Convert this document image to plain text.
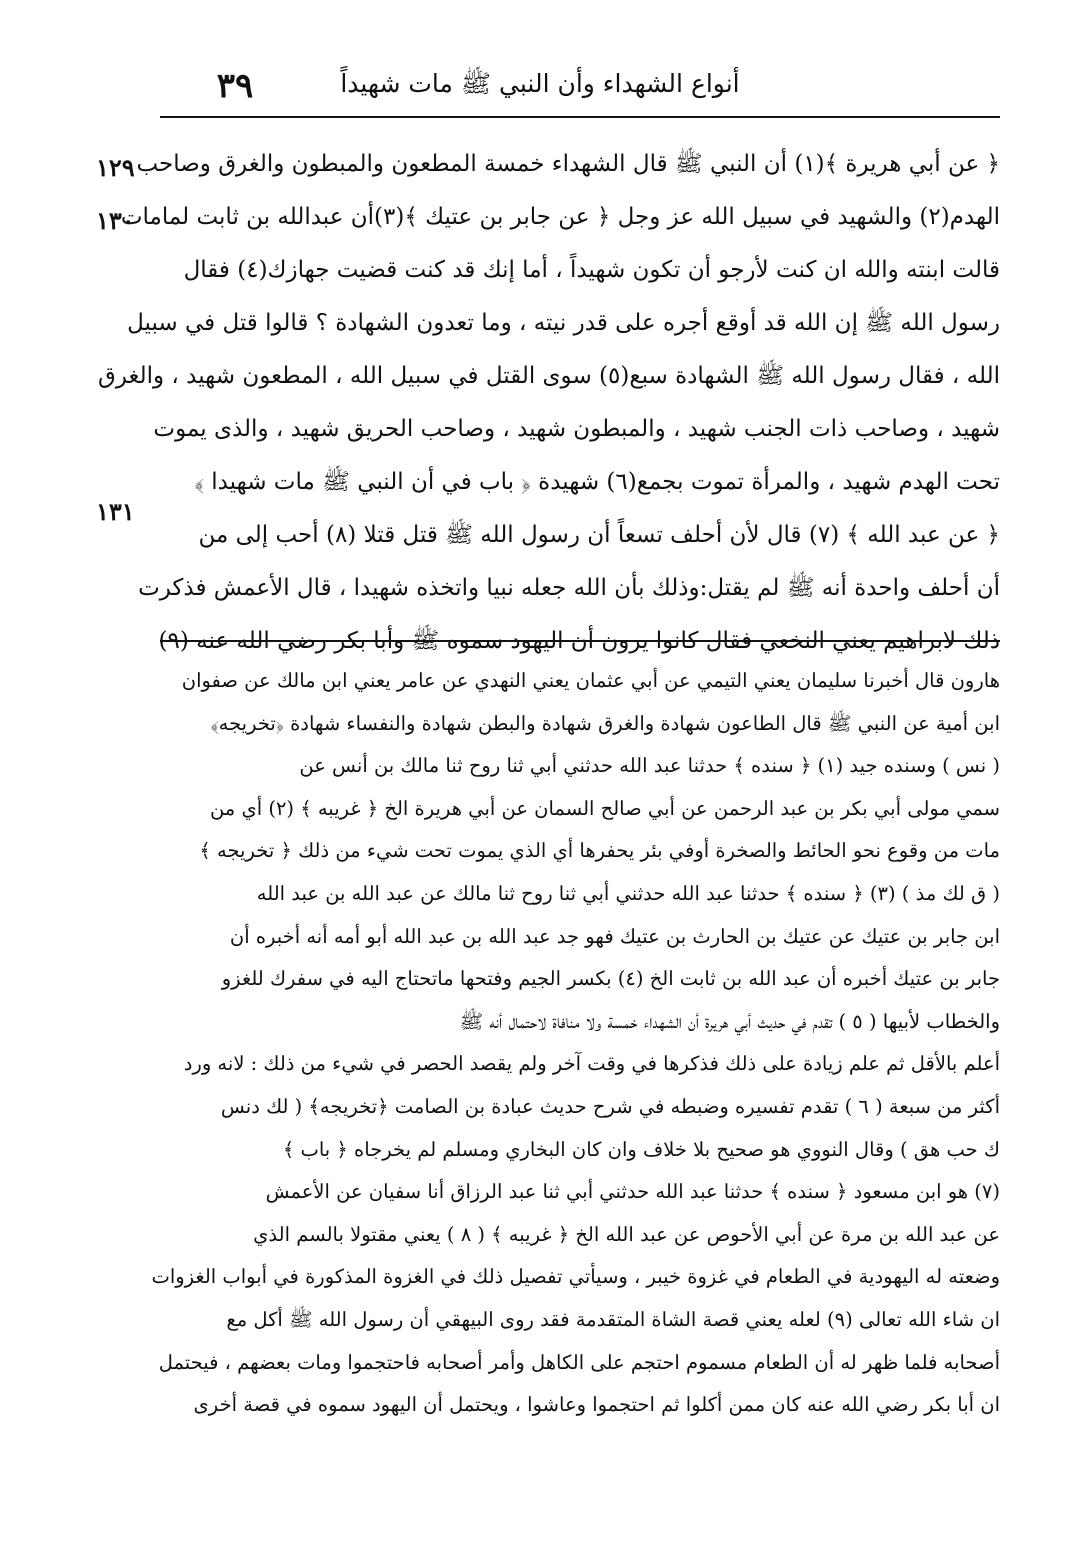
٣٩	أنواع الشهداء وأن النبي ﷺ مات شهيداً
١٢٩
١٣٠
١٣١
﴿ عن أبي هريرة ﴾(١) أن النبي ﷺ قال الشهداء خمسة المطعون والمبطون والغرق وصاحب
الهدم(٢) والشهيد في سبيل الله عز وجل ﴿ عن جابر بن عتيك ﴾(٣)أن عبدالله بن ثابت لمامات
قالت ابنته والله ان كنت لأرجو أن تكون شهيداً ، أما إنك قد كنت قضيت جهازك(٤) فقال
رسول الله ﷺ إن الله قد أوقع أجره على قدر نيته ، وما تعدون الشهادة ؟ قالوا قتل في سبيل
الله ، فقال رسول الله ﷺ الشهادة سبع(٥) سوى القتل في سبيل الله ، المطعون شهيد ، والغرق
شهيد ، وصاحب ذات الجنب شهيد ، والمبطون شهيد ، وصاحب الحريق شهيد ، والذى يموت
تحت الهدم شهيد ، والمرأة تموت بجمع(٦) شهيدة ﴿ باب في أن النبي ﷺ مات شهيدا ﴾
﴿ عن عبد الله ﴾ (٧) قال لأن أحلف تسعاً أن رسول الله ﷺ قتل قتلا (٨) أحب إلى من
أن أحلف واحدة أنه ﷺ لم يقتل:وذلك بأن الله جعله نبيا واتخذه شهيدا ، قال الأعمش فذكرت
ذلك لابراهيم يعني النخعي فقال كانوا يرون أن اليهود سموه ﷺ وأبا بكر رضي الله عنه (٩)
هارون قال أخبرنا سليمان يعني التيمي عن أبي عثمان يعني النهدي عن عامر يعني ابن مالك عن صفوان
ابن أمية عن النبي ﷺ قال الطاعون شهادة والغرق شهادة والبطن شهادة والنفساء شهادة ﴿تخريجه﴾
( نس ) وسنده جيد (١) ﴿ سنده ﴾ حدثنا عبد الله حدثني أبي ثنا روح ثنا مالك بن أنس عن
سمي مولى أبي بكر بن عبد الرحمن عن أبي صالح السمان عن أبي هريرة الخ ﴿ غريبه ﴾ (٢) أي من
مات من وقوع نحو الحائط والصخرة أوفي بئر يحفرها أي الذي يموت تحت شيء من ذلك ﴿ تخريجه ﴾
( ق لك مذ ) (٣) ﴿ سنده ﴾ حدثنا عبد الله حدثني أبي ثنا روح ثنا مالك عن عبد الله بن عبد الله
ابن جابر بن عتيك عن عتيك بن الحارث بن عتيك فهو جد عبد الله بن عبد الله أبو أمه أنه أخبره أن
جابر بن عتيك أخبره أن عبد الله بن ثابت الخ (٤) بكسر الجيم وفتحها ماتحتاج اليه في سفرك للغزو
والخطاب لأبيها ( ٥ ) تقدم في حديث أبي هريرة أن الشهداء خمسة ولا منافاة لاحتمال أنه ﷺ
أعلم بالأقل ثم علم زيادة على ذلك فذكرها في وقت آخر ولم يقصد الحصر في شيء من ذلك : لانه ورد
أكثر من سبعة ( ٦ ) تقدم تفسيره وضبطه في شرح حديث عبادة بن الصامت ﴿تخريجه﴾ ( لك دنس
ك حب هق ) وقال النووي هو صحيح بلا خلاف وان كان البخاري ومسلم لم يخرجاه ﴿ باب ﴾
(٧) هو ابن مسعود ﴿ سنده ﴾ حدثنا عبد الله حدثني أبي ثنا عبد الرزاق أنا سفيان عن الأعمش
عن عبد الله بن مرة عن أبي الأحوص عن عبد الله الخ ﴿ غريبه ﴾ ( ٨ ) يعني مقتولا بالسم الذي
وضعته له اليهودية في الطعام في غزوة خيبر ، وسيأتي تفصيل ذلك في الغزوة المذكورة في أبواب الغزوات
ان شاء الله تعالى (٩) لعله يعني قصة الشاة المتقدمة فقد روى البيهقي أن رسول الله ﷺ أكل مع
أصحابه فلما ظهر له أن الطعام مسموم احتجم على الكاهل وأمر أصحابه فاحتجموا ومات بعضهم ، فيحتمل
ان أبا بكر رضي الله عنه كان ممن أكلوا ثم احتجموا وعاشوا ، ويحتمل أن اليهود سموه في قصة أخرى
